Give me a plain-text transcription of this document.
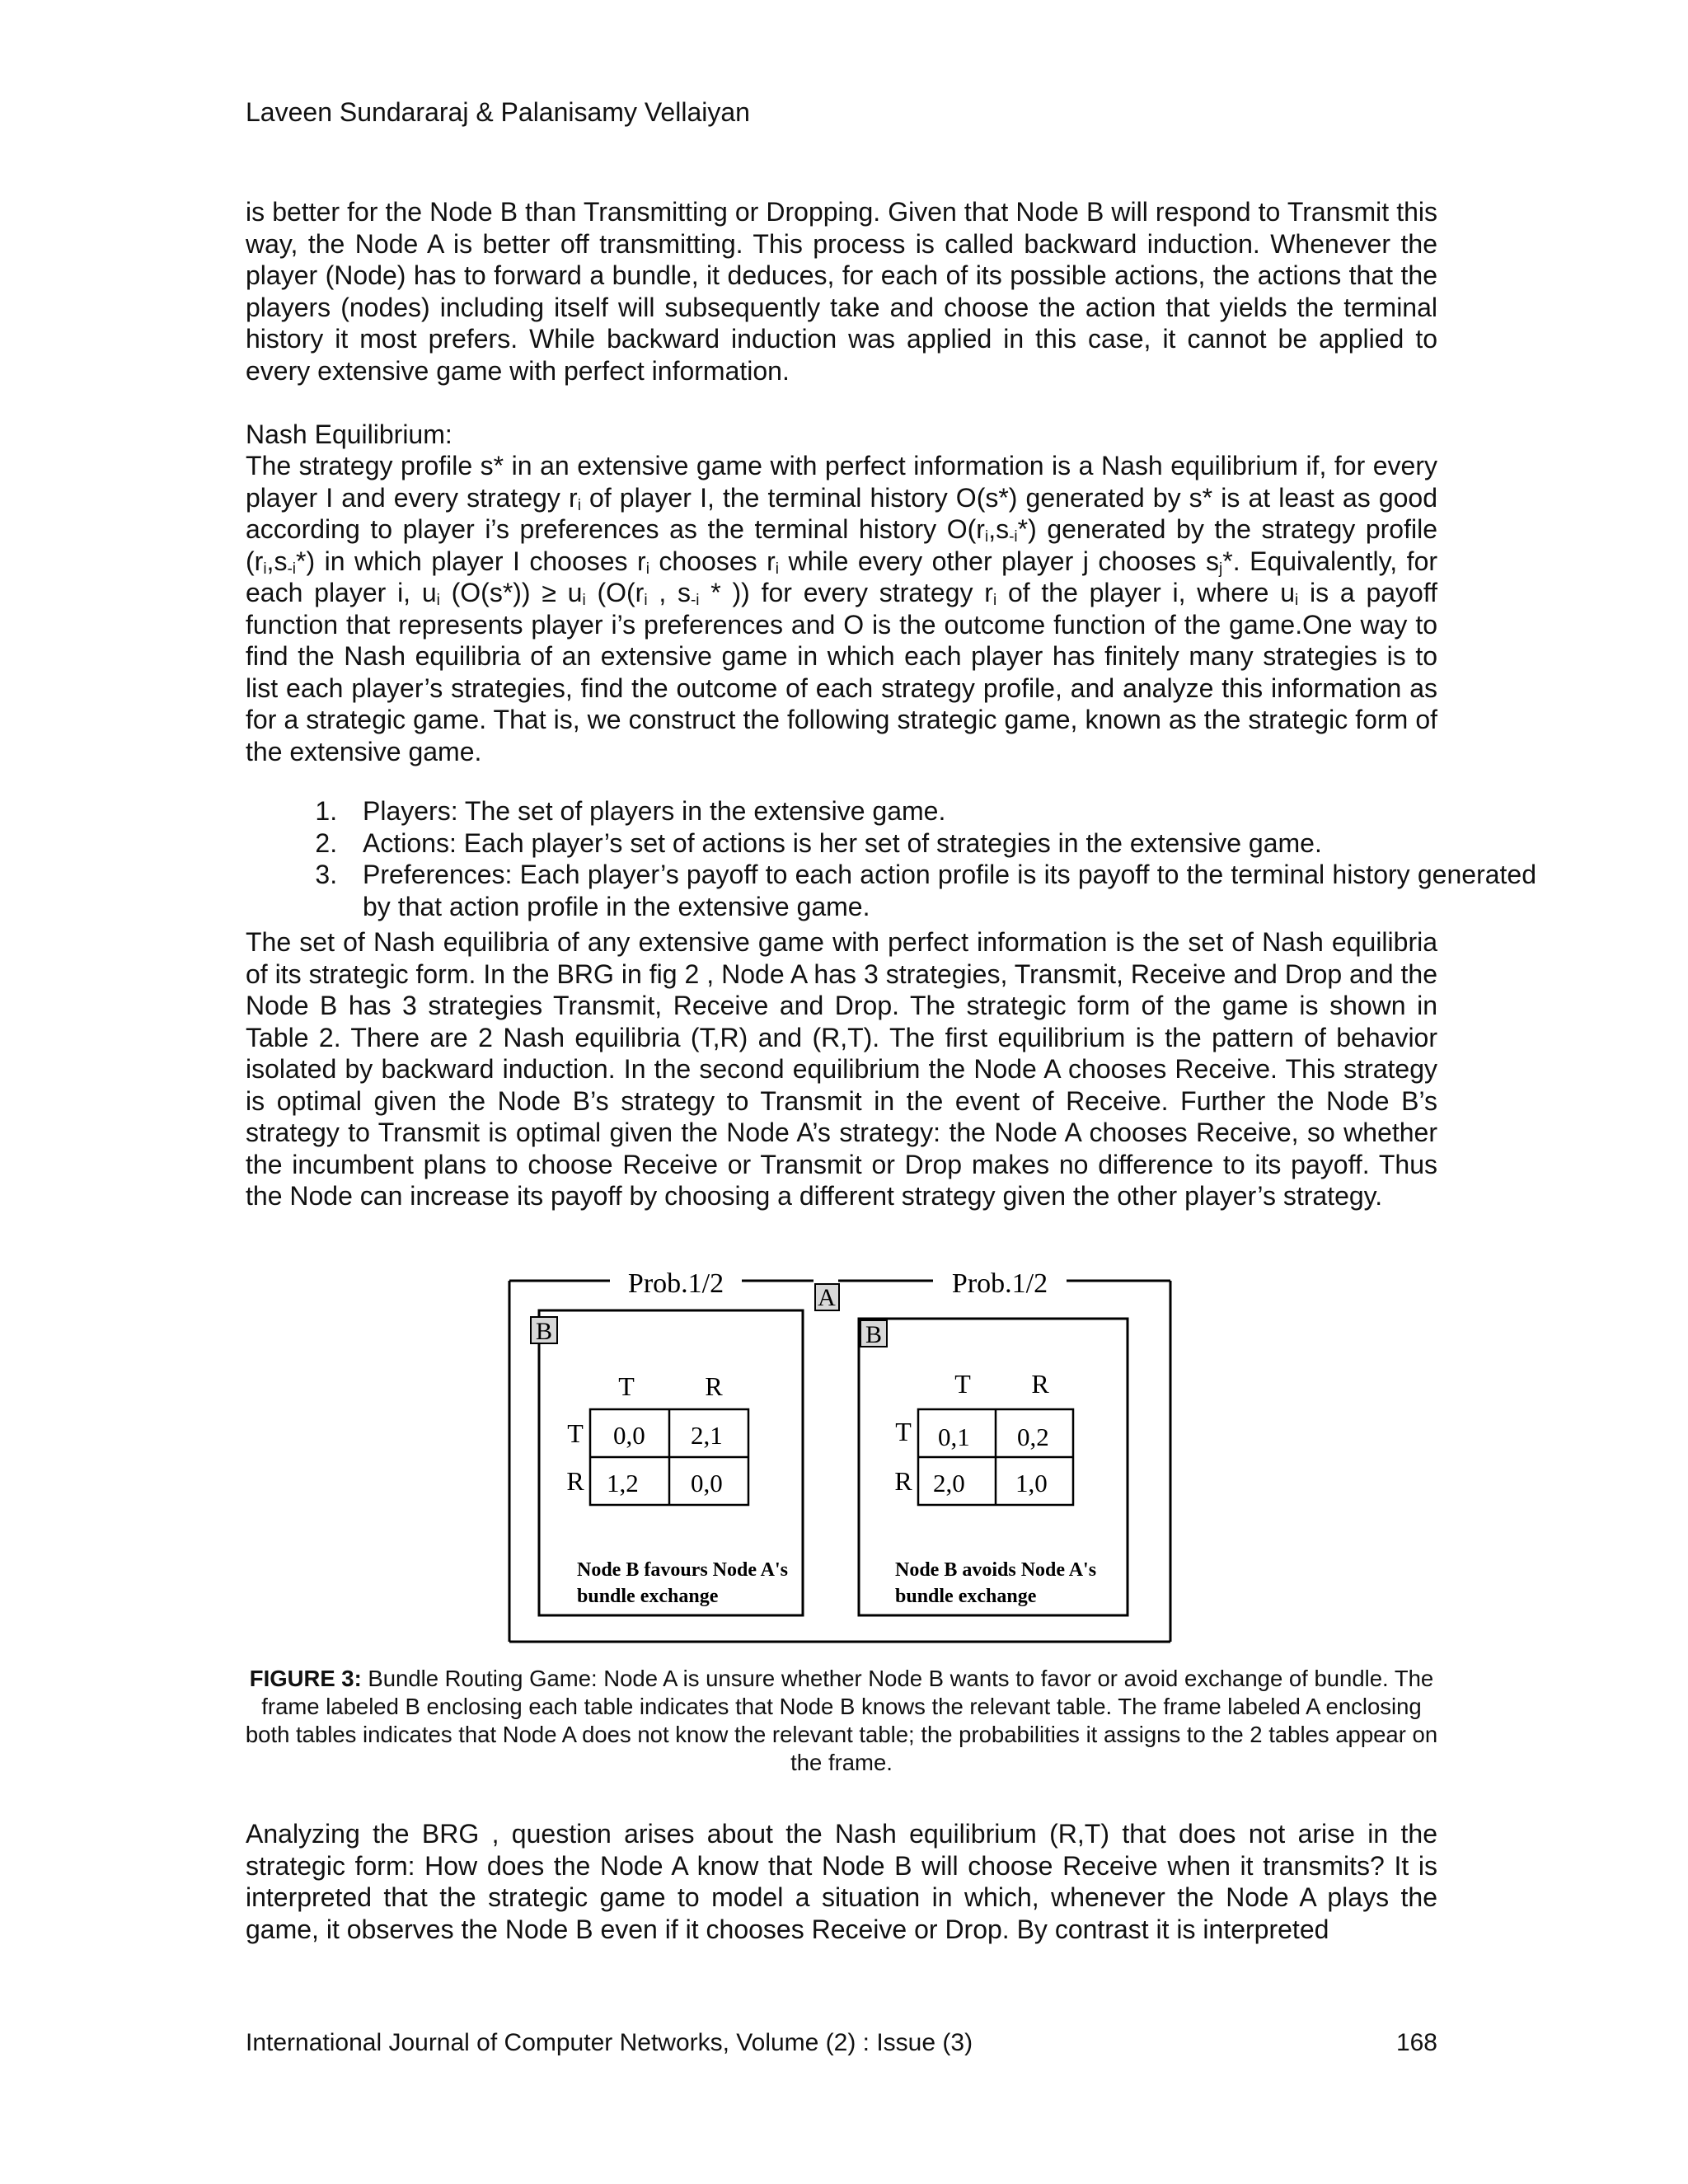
Laveen Sundararaj & Palanisamy Vellaiyan
is better for the Node B than Transmitting or Dropping. Given that Node B will respond to Transmit this way, the Node A is better off transmitting. This process is called backward induction. Whenever the player (Node) has to forward a bundle, it deduces, for each of its possible actions, the actions that the players (nodes) including itself will subsequently take and choose the action that yields the terminal history it most prefers. While backward induction was applied in this case, it cannot be applied to every extensive game with perfect information.
Nash Equilibrium:
The strategy profile s* in an extensive game with perfect information is a Nash equilibrium if, for every player I and every strategy $r_i$ of player I, the terminal history O(s*) generated by s* is at least as good according to player i’s preferences as the terminal history $O(r_i,s_{-i}*)$ generated by the strategy profile $(r_i,s_{-i}*)$ in which player I chooses $r_i$ chooses $r_i$ while every other player j chooses $s_j*$. Equivalently, for each player i, $u_i$ $(O(s*)) \ge u_i$ ($O(r_i$ , $s_{-i}$ * )) for every strategy $r_i$ of the player i, where $u_i$ is a payoff function that represents player i’s preferences and O is the outcome function of the game.One way to find the Nash equilibria of an extensive game in which each player has finitely many strategies is to list each player’s strategies, find the outcome of each strategy profile, and analyze this information as for a strategic game. That is, we construct the following strategic game, known as the strategic form of the extensive game.
1. Players: The set of players in the extensive game.
2. Actions: Each player’s set of actions is her set of strategies in the extensive game.
3. Preferences: Each player’s payoff to each action profile is its payoff to the terminal history generated by that action profile in the extensive game.
The set of Nash equilibria of any extensive game with perfect information is the set of Nash equilibria of its strategic form. In the BRG in fig 2 , Node A has 3 strategies, Transmit, Receive and Drop and the Node B has 3 strategies Transmit, Receive and Drop. The strategic form of the game is shown in Table 2. There are 2 Nash equilibria (T,R) and (R,T). The first equilibrium is the pattern of behavior isolated by backward induction. In the second equilibrium the Node A chooses Receive. This strategy is optimal given the Node B’s strategy to Transmit in the event of Receive. Further the Node B’s strategy to Transmit is optimal given the Node A’s strategy: the Node A chooses Receive, so whether the incumbent plans to choose Receive or Transmit or Drop makes no difference to its payoff. Thus the Node can increase its payoff by choosing a different strategy given the other player’s strategy.
Prob.1/2	Prob.1/2
A
B
T	R
T
R
0,0 2,1
1,2 0,0
Node B favours Node A's
bundle exchange
B
T R
T
R
0,1 0,2
2,0 1,0
Node B avoids Node A's
bundle exchange
FIGURE 3: Bundle Routing Game: Node A is unsure whether Node B wants to favor or avoid exchange of bundle. The frame labeled B enclosing each table indicates that Node B knows the relevant table. The frame labeled A enclosing both tables indicates that Node A does not know the relevant table; the probabilities it assigns to the 2 tables appear on the frame.
Analyzing the BRG , question arises about the Nash equilibrium (R,T) that does not arise in the strategic form: How does the Node A know that Node B will choose Receive when it transmits? It is interpreted that the strategic game to model a situation in which, whenever the Node A plays the game, it observes the Node B even if it chooses Receive or Drop. By contrast it is interpreted
International Journal of Computer Networks, Volume (2) : Issue (3)	168
